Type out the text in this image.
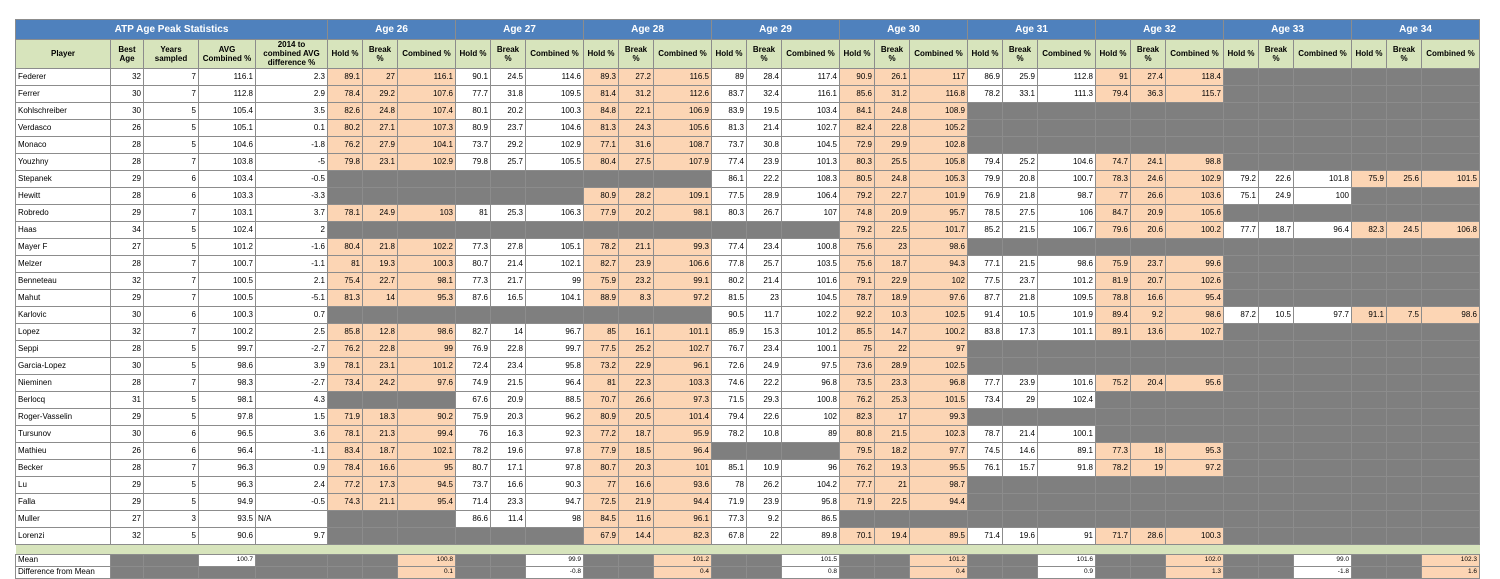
ATP Age Peak Statistics					Age 26			Age 27			Age 28			Age 29			Age 30			Age 31			Age 32			Age 33			Age 34		
Player	Best Age	Years sampled	AVG Combined %	2014 to combined AVG difference %	Hold %	Break %	Combined %	Hold %	Break %	Combined %	Hold %	Break %	Combined %	Hold %	Break %	Combined %	Hold %	Break %	Combined %	Hold %	Break %	Combined %	Hold %	Break %	Combined %	Hold %	Break %	Combined %	Hold %	Break %	Combined %
Federer	32	7	116.1	2.3	89.1	27	116.1	90.1	24.5	114.6	89.3	27.2	116.5	89	28.4	117.4	90.9	26.1	117	86.9	25.9	112.8	91	27.4	118.4						
Ferrer	30	7	112.8	2.9	78.4	29.2	107.6	77.7	31.8	109.5	81.4	31.2	112.6	83.7	32.4	116.1	85.6	31.2	116.8	78.2	33.1	111.3	79.4	36.3	115.7						
Kohlschreiber	30	5	105.4	3.5	82.6	24.8	107.4	80.1	20.2	100.3	84.8	22.1	106.9	83.9	19.5	103.4	84.1	24.8	108.9												
Verdasco	26	5	105.1	0.1	80.2	27.1	107.3	80.9	23.7	104.6	81.3	24.3	105.6	81.3	21.4	102.7	82.4	22.8	105.2												
Monaco	28	5	104.6	-1.8	76.2	27.9	104.1	73.7	29.2	102.9	77.1	31.6	108.7	73.7	30.8	104.5	72.9	29.9	102.8												
Youzhny	28	7	103.8	-5	79.8	23.1	102.9	79.8	25.7	105.5	80.4	27.5	107.9	77.4	23.9	101.3	80.3	25.5	105.8	79.4	25.2	104.6	74.7	24.1	98.8						
Stepanek	29	6	103.4	-0.5										86.1	22.2	108.3	80.5	24.8	105.3	79.9	20.8	100.7	78.3	24.6	102.9	79.2	22.6	101.8	75.9	25.6	101.5
Hewitt	28	6	103.3	-3.3							80.9	28.2	109.1	77.5	28.9	106.4	79.2	22.7	101.9	76.9	21.8	98.7	77	26.6	103.6	75.1	24.9	100			
Robredo	29	7	103.1	3.7	78.1	24.9	103	81	25.3	106.3	77.9	20.2	98.1	80.3	26.7	107	74.8	20.9	95.7	78.5	27.5	106	84.7	20.9	105.6						
Haas	34	5	102.4	2													79.2	22.5	101.7	85.2	21.5	106.7	79.6	20.6	100.2	77.7	18.7	96.4	82.3	24.5	106.8
Mayer F	27	5	101.2	-1.6	80.4	21.8	102.2	77.3	27.8	105.1	78.2	21.1	99.3	77.4	23.4	100.8	75.6	23	98.6												
Melzer	28	7	100.7	-1.1	81	19.3	100.3	80.7	21.4	102.1	82.7	23.9	106.6	77.8	25.7	103.5	75.6	18.7	94.3	77.1	21.5	98.6	75.9	23.7	99.6						
Benneteau	32	7	100.5	2.1	75.4	22.7	98.1	77.3	21.7	99	75.9	23.2	99.1	80.2	21.4	101.6	79.1	22.9	102	77.5	23.7	101.2	81.9	20.7	102.6						
Mahut	29	7	100.5	-5.1	81.3	14	95.3	87.6	16.5	104.1	88.9	8.3	97.2	81.5	23	104.5	78.7	18.9	97.6	87.7	21.8	109.5	78.8	16.6	95.4						
Karlovic	30	6	100.3	0.7										90.5	11.7	102.2	92.2	10.3	102.5	91.4	10.5	101.9	89.4	9.2	98.6	87.2	10.5	97.7	91.1	7.5	98.6
Lopez	32	7	100.2	2.5	85.8	12.8	98.6	82.7	14	96.7	85	16.1	101.1	85.9	15.3	101.2	85.5	14.7	100.2	83.8	17.3	101.1	89.1	13.6	102.7						
Seppi	28	5	99.7	-2.7	76.2	22.8	99	76.9	22.8	99.7	77.5	25.2	102.7	76.7	23.4	100.1	75	22	97												
Garcia-Lopez	30	5	98.6	3.9	78.1	23.1	101.2	72.4	23.4	95.8	73.2	22.9	96.1	72.6	24.9	97.5	73.6	28.9	102.5												
Nieminen	28	7	98.3	-2.7	73.4	24.2	97.6	74.9	21.5	96.4	81	22.3	103.3	74.6	22.2	96.8	73.5	23.3	96.8	77.7	23.9	101.6	75.2	20.4	95.6						
Berlocq	31	5	98.1	4.3				67.6	20.9	88.5	70.7	26.6	97.3	71.5	29.3	100.8	76.2	25.3	101.5	73.4	29	102.4									
Roger-Vasselin	29	5	97.8	1.5	71.9	18.3	90.2	75.9	20.3	96.2	80.9	20.5	101.4	79.4	22.6	102	82.3	17	99.3												
Tursunov	30	6	96.5	3.6	78.1	21.3	99.4	76	16.3	92.3	77.2	18.7	95.9	78.2	10.8	89	80.8	21.5	102.3	78.7	21.4	100.1									
Mathieu	26	6	96.4	-1.1	83.4	18.7	102.1	78.2	19.6	97.8	77.9	18.5	96.4				79.5	18.2	97.7	74.5	14.6	89.1	77.3	18	95.3						
Becker	28	7	96.3	0.9	78.4	16.6	95	80.7	17.1	97.8	80.7	20.3	101	85.1	10.9	96	76.2	19.3	95.5	76.1	15.7	91.8	78.2	19	97.2						
Lu	29	5	96.3	2.4	77.2	17.3	94.5	73.7	16.6	90.3	77	16.6	93.6	78	26.2	104.2	77.7	21	98.7												
Falla	29	5	94.9	-0.5	74.3	21.1	95.4	71.4	23.3	94.7	72.5	21.9	94.4	71.9	23.9	95.8	71.9	22.5	94.4												
Muller	27	3	93.5	N/A				86.6	11.4	98	84.5	11.6	96.1	77.3	9.2	86.5															
Lorenzi	32	5	90.6	9.7							67.9	14.4	82.3	67.8	22	89.8	70.1	19.4	89.5	71.4	19.6	91	71.7	28.6	100.3						

Mean			100.7				100.8			99.9			101.2			101.5			101.2			101.6			102.0			99.0			102.3
Difference from Mean							0.1			-0.8			0.4			0.8			0.4			0.9			1.3			-1.8			1.6
